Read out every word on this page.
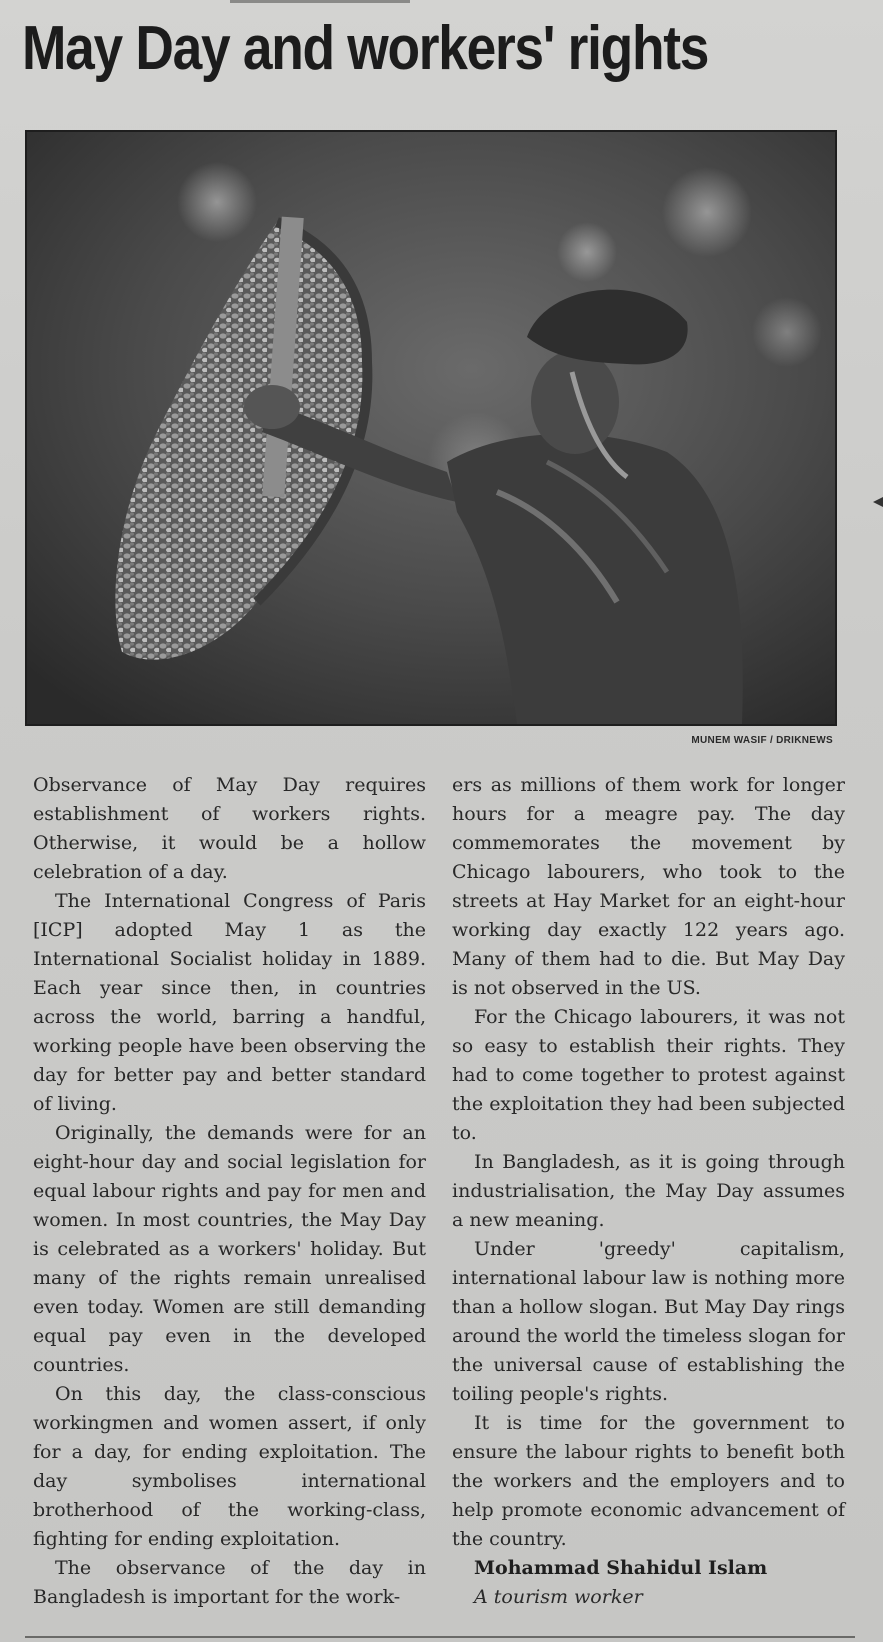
May Day and workers' rights
MUNEM WASIF / DRIKNEWS

Observance of May Day requires establishment of workers rights. Otherwise, it would be a hollow celebration of a day.

The International Congress of Paris [ICP] adopted May 1 as the International Socialist holiday in 1889. Each year since then, in countries across the world, barring a handful, working people have been observing the day for better pay and better standard of living.

Originally, the demands were for an eight-hour day and social legislation for equal labour rights and pay for men and women. In most countries, the May Day is celebrated as a workers' holiday. But many of the rights remain unrealised even today. Women are still demanding equal pay even in the developed countries.

On this day, the class-conscious workingmen and women assert, if only for a day, for ending exploitation. The day symbolises international brotherhood of the working-class, fighting for ending exploitation.

The observance of the day in Bangladesh is important for the work-

ers as millions of them work for longer hours for a meagre pay. The day commemorates the movement by Chicago labourers, who took to the streets at Hay Market for an eight-hour working day exactly 122 years ago. Many of them had to die. But May Day is not observed in the US.

For the Chicago labourers, it was not so easy to establish their rights. They had to come together to protest against the exploitation they had been subjected to.

In Bangladesh, as it is going through industrialisation, the May Day assumes a new meaning.

Under 'greedy' capitalism, international labour law is nothing more than a hollow slogan. But May Day rings around the world the timeless slogan for the universal cause of establishing the toiling people's rights.

It is time for the government to ensure the labour rights to benefit both the workers and the employers and to help promote economic advancement of the country.

Mohammad Shahidul Islam

A tourism worker
